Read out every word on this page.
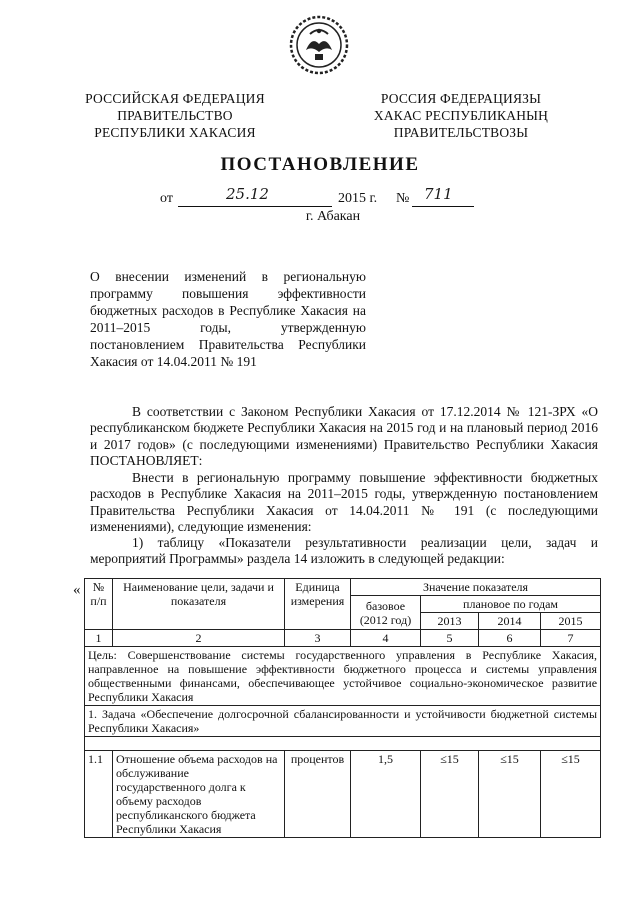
РОССИЙСКАЯ ФЕДЕРАЦИЯ
ПРАВИТЕЛЬСТВО
РЕСПУБЛИКИ ХАКАСИЯ
РОССИЯ ФЕДЕРАЦИЯЗЫ
ХАКАС РЕСПУБЛИКАНЫҢ
ПРАВИТЕЛЬСТВОЗЫ
ПОСТАНОВЛЕНИЕ
от	25.12	2015 г. № 711
г. Абакан
О внесении изменений в региональную программу повышения эффективности бюджетных расходов в Республике Хакасия на 2011–2015 годы, утвержденную постановлением Правительства Республики Хакасия от 14.04.2011 № 191
В соответствии с Законом Республики Хакасия от 17.12.2014 № 121-ЗРХ «О республиканском бюджете Республики Хакасия на 2015 год и на плановый период 2016 и 2017 годов» (с последующими изменениями) Правительство Республики Хакасия ПОСТАНОВЛЯЕТ:
Внести в региональную программу повышение эффективности бюджетных расходов в Республике Хакасия на 2011–2015 годы, утвержденную постановлением Правительства Республики Хакасия от 14.04.2011 № 191 (с последующими изменениями), следующие изменения:
1) таблицу «Показатели результативности реализации цели, задач и мероприятий Программы» раздела 14 изложить в следующей редакции:
« № п/п	Наименование цели, задачи и показателя	Единица измерения	Значение показателя			
			базовое (2012 год)	плановое по годам		
				2013	2014	2015
1	2	3	4	5	6	7
Цель: Совершенствование системы государственного управления в Республике Хакасия, направленное на повышение эффективности бюджетного процесса и системы управления общественными финансами, обеспечивающее устойчивое социально-экономическое развитие Республики Хакасия						
1. Задача «Обеспечение долгосрочной сбалансированности и устойчивости бюджетной системы Республики Хакасия»						

1.1	Отношение объема расходов на обслуживание государственного долга к объему расходов республиканского бюджета Республики Хакасия	процентов	1,5	≤15	≤15	≤15
